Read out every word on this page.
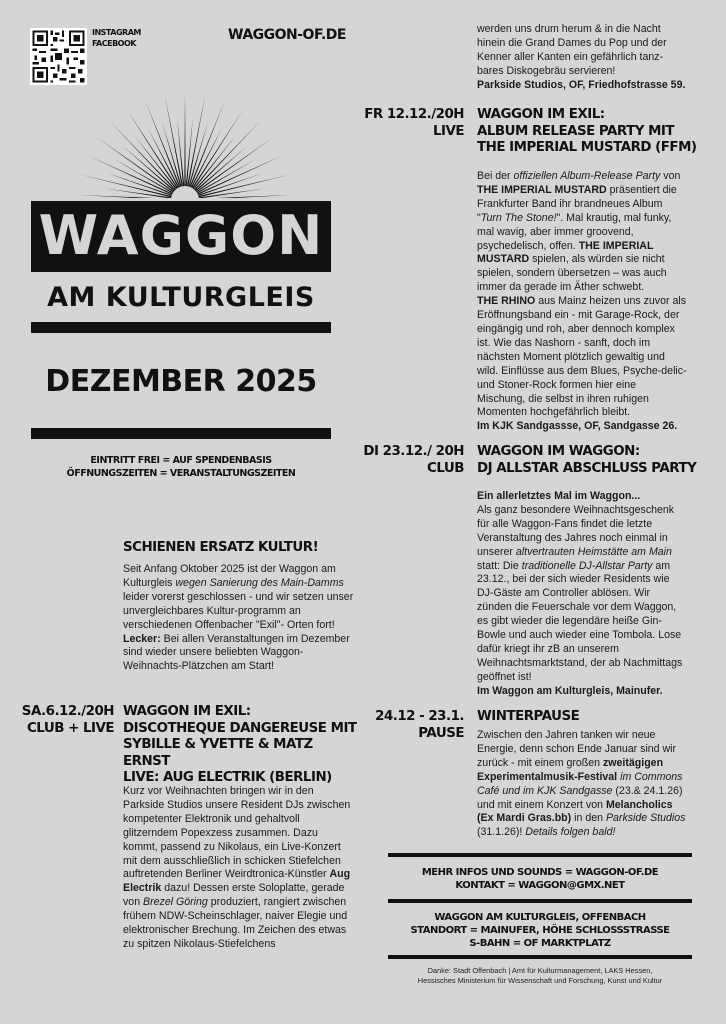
INSTAGRAM
FACEBOOK
WAGGON-OF.DE
WAGGON
AM KULTURGLEIS
DEZEMBER 2025
EINTRITT FREI = AUF SPENDENBASIS
ÖFFNUNGSZEITEN = VERANSTALTUNGSZEITEN
SCHIENEN ERSATZ KULTUR!
Seit Anfang Oktober 2025 ist der Waggon am Kulturgleis wegen Sanierung des Main-Damms leider vorerst geschlossen - und wir setzen unser unvergleichbares Kultur-programm an verschiedenen Offenbacher "Exil"- Orten fort!
Lecker: Bei allen Veranstaltungen im Dezember sind wieder unsere beliebten Waggon-Weihnachts-Plätzchen am Start!
SA.6.12./20H
CLUB + LIVE
WAGGON IM EXIL:
DISCOTHEQUE DANGEREUSE MIT
SYBILLE & YVETTE & MATZ ERNST
LIVE: AUG ELECTRIK (BERLIN)
Kurz vor Weihnachten bringen wir in den Parkside Studios unsere Resident DJs zwischen kompetenter Elektronik und gehaltvoll glitzerndem Popexzess zusammen. Dazu kommt, passend zu Nikolaus, ein Live-Konzert mit dem ausschließlich in schicken Stiefelchen auftretenden Berliner Weirdtronica-Künstler Aug Electrik dazu! Dessen erste Soloplatte, gerade von Brezel Göring produziert, rangiert zwischen frühem NDW-Scheinschlager, naiver Elegie und elektronischer Brechung. Im Zeichen des etwas zu spitzen Nikolaus-Stiefelchens
werden uns drum herum & in die Nacht hinein die Grand Dames du Pop und der Kenner aller Kanten ein gefährlich tanz-bares Diskogebräu servieren!
Parkside Studios, OF, Friedhofstrasse 59.
FR 12.12./20H
LIVE
WAGGON IM EXIL:
ALBUM RELEASE PARTY MIT
THE IMPERIAL MUSTARD (FFM)
Bei der offiziellen Album-Release Party von THE IMPERIAL MUSTARD präsentiert die Frankfurter Band ihr brandneues Album "Turn The Stone!". Mal krautig, mal funky, mal wavig, aber immer groovend, psychedelisch, offen. THE IMPERIAL MUSTARD spielen, als würden sie nicht spielen, sondern übersetzen – was auch immer da gerade im Äther schwebt.
THE RHINO aus Mainz heizen uns zuvor als Eröffnungsband ein - mit Garage-Rock, der eingängig und roh, aber dennoch komplex ist. Wie das Nashorn - sanft, doch im nächsten Moment plötzlich gewaltig und wild. Einflüsse aus dem Blues, Psyche-delic- und Stoner-Rock formen hier eine Mischung, die selbst in ihren ruhigen Momenten hochgefährlich bleibt.
Im KJK Sandgassse, OF, Sandgasse 26.
DI 23.12./ 20H
CLUB
WAGGON IM WAGGON:
DJ ALLSTAR ABSCHLUSS PARTY
Ein allerletztes Mal im Waggon...
Als ganz besondere Weihnachtsgeschenk für alle Waggon-Fans findet die letzte Veranstaltung des Jahres noch einmal in unserer altvertrauten Heimstätte am Main statt: Die traditionelle DJ-Allstar Party am 23.12., bei der sich wieder Residents wie DJ-Gäste am Controller ablösen. Wir zünden die Feuerschale vor dem Waggon, es gibt wieder die legendäre heiße Gin-Bowle und auch wieder eine Tombola. Lose dafür kriegt ihr zB an unserem Weihnachtsmarktstand, der ab Nachmittags geöffnet ist!
Im Waggon am Kulturgleis, Mainufer.
24.12 - 23.1.
PAUSE
WINTERPAUSE
Zwischen den Jahren tanken wir neue Energie, denn schon Ende Januar sind wir zurück - mit einem großen zweitägigen Experimentalmusik-Festival im Commons Café und im KJK Sandgasse (23.& 24.1.26) und mit einem Konzert von Melancholics (Ex Mardi Gras.bb) in den Parkside Studios (31.1.26)! Details folgen bald!
MEHR INFOS UND SOUNDS = WAGGON-OF.DE
KONTAKT = WAGGON@GMX.NET
WAGGON AM KULTURGLEIS, OFFENBACH
STANDORT = MAINUFER, HÖHE SCHLOSSSTRASSE
S-BAHN = OF MARKTPLATZ
Danke: Stadt Offenbach | Amt für Kulturmanagement, LAKS Hessen,
Hessisches Ministerium für Wissenschaft und Forschung, Kunst und Kultur
